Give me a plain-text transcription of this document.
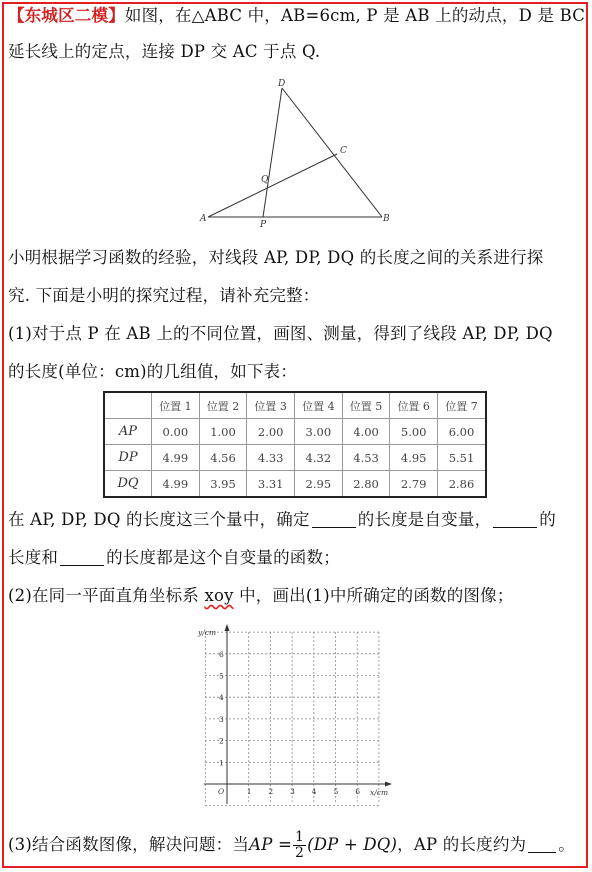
【东城区二模】如图，在△ABC 中，AB=6cm, P 是 AB 上的动点，D 是 BC
延长线上的定点，连接 DP 交 AC 于点 Q.
D
C
Q
A
P
B
小明根据学习函数的经验，对线段 AP, DP, DQ 的长度之间的关系进行探
究. 下面是小明的探究过程，请补充完整：
(1)对于点 P 在 AB 上的不同位置，画图、测量，得到了线段 AP, DP, DQ
的长度(单位：cm)的几组值，如下表：
	位置 1	位置 2	位置 3	位置 4	位置 5	位置 6	位置 7
AP	0.00	1.00	2.00	3.00	4.00	5.00	6.00
DP	4.99	4.56	4.33	4.32	4.53	4.95	5.51
DQ	4.99	3.95	3.31	2.95	2.80	2.79	2.86
在 AP, DP, DQ 的长度这三个量中，确定	的长度是自变量，	的
长度和	的长度都是这个自变量的函数；
(2)在同一平面直角坐标系 xoy 中，画出(1)中所确定的函数的图像；
y/cm
x/cm
O	1 2 3 4 5 6
1
2
3
4
5
6
(3)结合函数图像，解决问题：当AP = $\frac{1}{2} (DP + DQ)$，AP 的长度约为 。
